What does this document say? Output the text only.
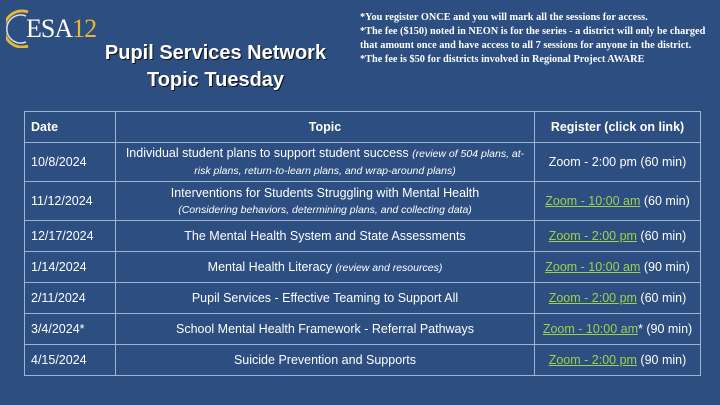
ESA12
Pupil Services Network
Topic Tuesday

*You register ONCE and you will mark all the sessions for access.

*The fee ($150) noted in NEON is for the series - a district will only be charged that amount once and have access to all 7 sessions for anyone in the district.

*The fee is $50 for districts involved in Regional Project AWARE

Date	Topic	Register (click on link)
10/8/2024	Individual student plans to support student success (review of 504 plans, at-risk plans, return-to-learn plans, and wrap-around plans)	Zoom - 2:00 pm (60 min)
11/12/2024	Interventions for Students Struggling with Mental Health
(Considering behaviors, determining plans, and collecting data)	Zoom - 10:00 am (60 min)
12/17/2024	The Mental Health System and State Assessments	Zoom - 2:00 pm (60 min)
1/14/2024	Mental Health Literacy (review and resources)	Zoom - 10:00 am (90 min)
2/11/2024	Pupil Services - Effective Teaming to Support All	Zoom - 2:00 pm (60 min)
3/4/2024*	School Mental Health Framework - Referral Pathways	Zoom - 10:00 am* (90 min)
4/15/2024	Suicide Prevention and Supports	Zoom - 2:00 pm (90 min)
